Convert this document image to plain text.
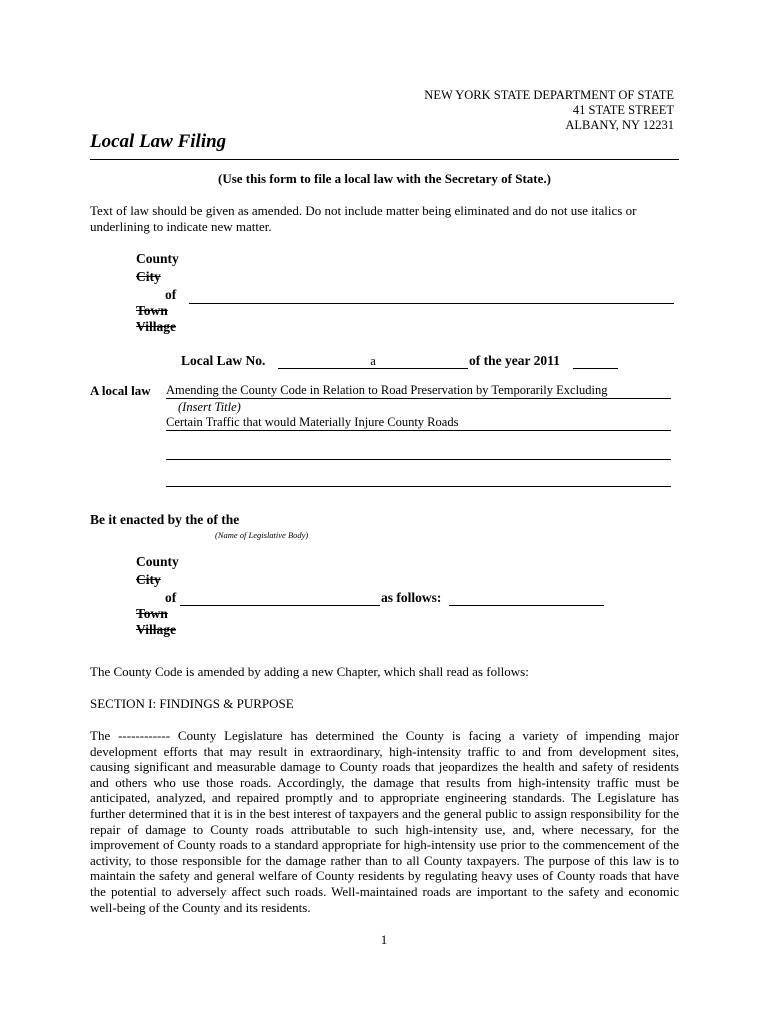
NEW YORK STATE DEPARTMENT OF STATE
41 STATE STREET
ALBANY, NY 12231
Local Law Filing
(Use this form to file a local law with the Secretary of State.)
Text of law should be given as amended. Do not include matter being eliminated and do not use italics or underlining to indicate new matter.
County
City
of
Town
Village
Local Law No.	a	of the year 2011
A local law Amending the County Code in Relation to Road Preservation by Temporarily Excluding
(Insert Title)
Certain Traffic that would Materially Injure County Roads
Be it enacted by the of the
(Name of Legislative Body)
County
City
of	as follows:
Town
Village
The County Code is amended by adding a new Chapter, which shall read as follows:
SECTION I: FINDINGS & PURPOSE
The ------------ County Legislature has determined the County is facing a variety of impending major development efforts that may result in extraordinary, high-intensity traffic to and from development sites, causing significant and measurable damage to County roads that jeopardizes the health and safety of residents and others who use those roads. Accordingly, the damage that results from high-intensity traffic must be anticipated, analyzed, and repaired promptly and to appropriate engineering standards. The Legislature has further determined that it is in the best interest of taxpayers and the general public to assign responsibility for the repair of damage to County roads attributable to such high-intensity use, and, where necessary, for the improvement of County roads to a standard appropriate for high-intensity use prior to the commencement of the activity, to those responsible for the damage rather than to all County taxpayers. The purpose of this law is to maintain the safety and general welfare of County residents by regulating heavy uses of County roads that have the potential to adversely affect such roads. Well-maintained roads are important to the safety and economic well-being of the County and its residents.
1
